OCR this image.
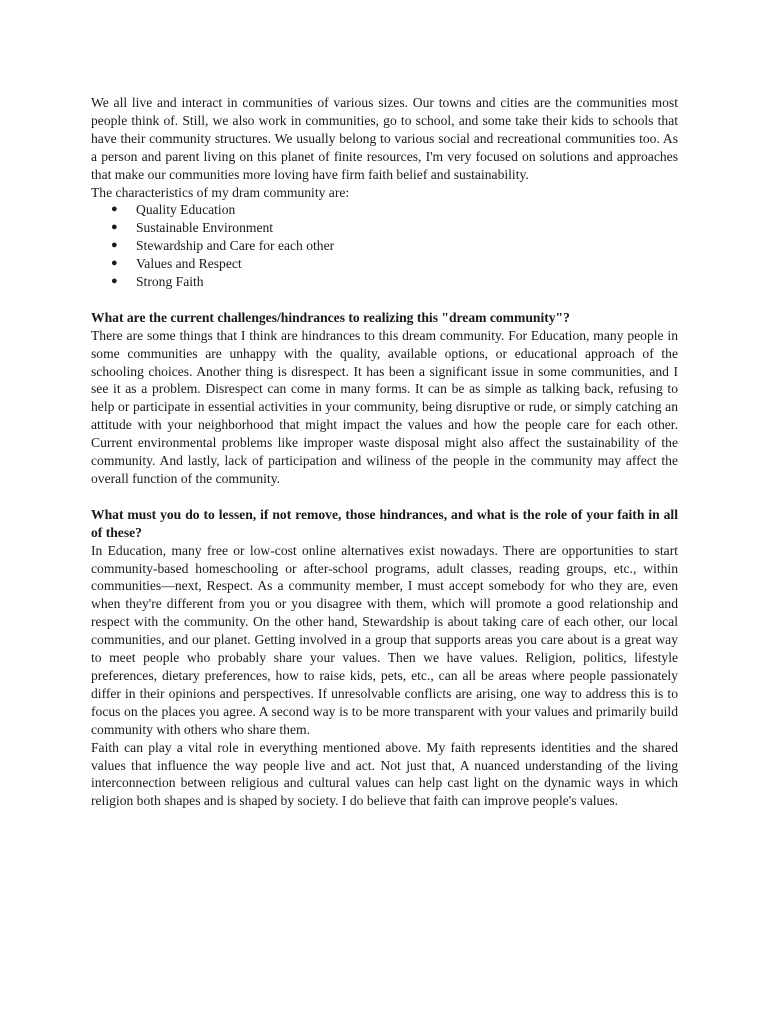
We all live and interact in communities of various sizes. Our towns and cities are the communities most people think of. Still, we also work in communities, go to school, and some take their kids to schools that have their community structures. We usually belong to various social and recreational communities too. As a person and parent living on this planet of finite resources, I'm very focused on solutions and approaches that make our communities more loving have firm faith belief and sustainability.

The characteristics of my dram community are:

● Quality Education
● Sustainable Environment
● Stewardship and Care for each other
● Values and Respect
● Strong Faith

What are the current challenges/hindrances to realizing this "dream community"?

There are some things that I think are hindrances to this dream community. For Education, many people in some communities are unhappy with the quality, available options, or educational approach of the schooling choices. Another thing is disrespect. It has been a significant issue in some communities, and I see it as a problem. Disrespect can come in many forms. It can be as simple as talking back, refusing to help or participate in essential activities in your community, being disruptive or rude, or simply catching an attitude with your neighborhood that might impact the values and how the people care for each other. Current environmental problems like improper waste disposal might also affect the sustainability of the community. And lastly, lack of participation and wiliness of the people in the community may affect the overall function of the community.

What must you do to lessen, if not remove, those hindrances, and what is the role of your faith in all of these?

In Education, many free or low-cost online alternatives exist nowadays. There are opportunities to start community-based homeschooling or after-school programs, adult classes, reading groups, etc., within communities—next, Respect. As a community member, I must accept somebody for who they are, even when they're different from you or you disagree with them, which will promote a good relationship and respect with the community. On the other hand, Stewardship is about taking care of each other, our local communities, and our planet. Getting involved in a group that supports areas you care about is a great way to meet people who probably share your values. Then we have values. Religion, politics, lifestyle preferences, dietary preferences, how to raise kids, pets, etc., can all be areas where people passionately differ in their opinions and perspectives. If unresolvable conflicts are arising, one way to address this is to focus on the places you agree. A second way is to be more transparent with your values and primarily build community with others who share them.

Faith can play a vital role in everything mentioned above. My faith represents identities and the shared values that influence the way people live and act. Not just that, A nuanced understanding of the living interconnection between religious and cultural values can help cast light on the dynamic ways in which religion both shapes and is shaped by society. I do believe that faith can improve people's values.
